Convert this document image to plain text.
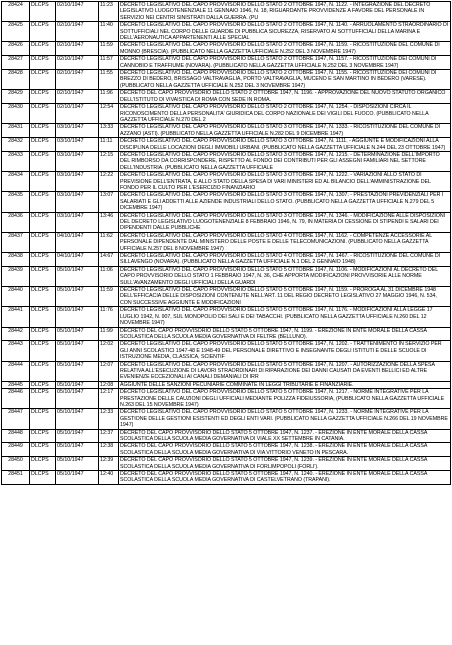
28424	DLCPS	02/10/1947	11:23	DECRETO LEGISLATIVO DEL CAPO PROVVISORIO DELLO STATO 2 OTTOBRE 1947, N. 1122. - INTEGRAZIONE DEL DECRETO LEGISLATIVO LUOGOTENENZIALE 11 GENNAIO 1946, N. 18, RIGUARDANTE PROVVIDENZE A FAVORE DEL PERSONALE IN SERVIZIO NEI CENTRI SINISTRATI DALLA GUERRA. (PU
28425	DLCPS	02/10/1947	11:40	DECRETO LEGISLATIVO DEL CAPO PROVVISORIO DELLO STATO 2 OTTOBRE 1947, N. 1140. - ARRUOLAMENTO STRAORDINARIO DI SOTTUFFICIALI NEL CORPO DELLE GUARDIE DI PUBBLICA SICUREZZA, RISERVATO AI SOTTUFFICIALI DELLA MARINA E DELL'AERONAUTICA APPARTENENTI ALLE SPECIAL
28426	DLCPS	02/10/1947	11:59	DECRETO LEGISLATIVO DEL CAPO PROVVISORIO DELLO STATO 2 OTTOBRE 1947, N. 1159. - RICOSTITUZIONE DEL COMUNE DI MONNO (BRESCIA). (PUBBLICATO NELLA GAZZETTA UFFICIALE N.252 DEL 3 NOVEMBRE 1947)
28427	DLCPS	02/10/1947	11:57	DECRETO LEGISLATIVO DEL CAPO PROVVISORIO DELLO STATO 2 OTTOBRE 1947, N. 1157. - RICOSTITUZIONE DEI COMUNI DI CANNOBIO E TRAFFIUME (NOVARA). (PUBBLICATO NELLA GAZZETTA UFFICIALE N.252 DEL 3 NOVEMBRE 1947)
28428	DLCPS	02/10/1947	11:55	DECRETO LEGISLATIVO DEL CAPO PROVVISORIO DELLO STATO 2 OTTOBRE 1947, N. 1155. - RICOSTITUZIONE DEI COMUNI DI BREZZO DI BEDERO, BRISSAGO VALTRAVAGLIA, PORTO VALTRAVAGLIA, MUCENO E SAN MARTINO IN BEDERO (VARESE). (PUBBLICATO NELLA GAZZETTA UFFICIALE N.252 DEL 3 NOVEMBRE 1947)
28429	DLCPS	02/10/1947	11:96	DECRETO DEL CAPO PROVVISORIO DELLO STATO 2 OTTOBRE 1947, N. 1196. - APPROVAZIONE DEL NUOVO STATUTO ORGANICO DELL'ISTITUTO DI VIVAISTICA DI ROMA CON SEDE IN ROMA.
28430	DLCPS	02/10/1947	12:54	DECRETO LEGISLATIVO DEL CAPO PROVVISORIO DELLO STATO 2 OTTOBRE 1947, N. 1254. - DISPOSIZIONI CIRCA IL RICONOSCIMENTO DELLA PERSONALITA' GIURIDICA DEL CORPO NAZIONALE DEI VIGILI DEL FUOCO. (PUBBLICATO NELLA GAZZETTA UFFICIALE N.270 DEL 2
28431	DLCPS	03/10/1947	13:33	DECRETO LEGISLATIVO DEL CAPO PROVVISORIO DELLO STATO 3 OTTOBRE 1947, N. 1333. - RICOSTITUZIONE DEL COMUNE DI AZZANO (ASTI). (PUBBLICATO NELLA GAZZETTA UFFICIALE N.282 DEL 9 DICEMBRE 1947)
28432	DLCPS	03/10/1947	11:11	DECRETO LEGISLATIVO DEL CAPO PROVVISORIO DELLO STATO 3 OTTOBRE 1947, N. 1111. - AGGIUNTE E MODIFICAZIONI ALLA DISCIPLINA DELLE LOCAZIONI DEGLI IMMOBILI URBANI. (PUBBLICATO NELLA GAZZETTA UFFICIALE N.244 DEL 23 OTTOBRE 1947)
28433	DLCPS	03/10/1947	12:15	DECRETO LEGISLATIVO DEL CAPO PROVVISORIO DELLO STATO 3 OTTOBRE 1947, N. 1215. - DETERMINAZIONE DELL'IMPORTO DEL RIMBORSO DA CORRISPONDERE, RISPETTO AL FONDO DEI CONTRIBUTI PER GLI ASSEGNI FAMILIARI NEL SETTORE DELL'INDUSTRIA. (PUBBLICATO NELLA GAZZETTA UFFICIALE
28434	DLCPS	03/10/1947	12:22	DECRETO LEGISLATIVO DEL CAPO PROVVISORIO DELLO STATO 3 OTTOBRE 1947, N. 1222. - VARIAZIONI ALLO STATO DI PREVISIONE DELL'ENTRATA, E ALLO STATO DELLA SPESA DI VARI MINISTERI ED AL BILANCIO DELL'AMMINISTRAZIONE DEL FONDO PER IL CULTO PER L'ESERCIZIO FINANZIARIO
28435	DLCPS	03/10/1947	13:07	DECRETO LEGISLATIVO DEL CAPO PROVVISORIO DELLO STATO 3 OTTOBRE 1947, N. 1307. - PRESTAZIONI PREVIDENZIALI PER I SALARIATI E GLI ADDETTI ALLE AZIENDE INDUSTRIALI DELLO STATO. (PUBBLICATO NELLA GAZZETTA UFFICIALE N.279 DEL 5 DICEMBRE 1947)
28436	DLCPS	03/10/1947	13:46	DECRETO LEGISLATIVO DEL CAPO PROVVISORIO DELLO STATO 3 OTTOBRE 1947, N. 1346. - MODIFICAZIONE ALLE DISPOSIZIONI DEL DECRETO LEGISLATIVO LUOGOTENENZIALE 8 FEBBRAIO 1946, N. 79, IN MATERIA DI CESSIONE DI STIPENDI E SALARI DEI DIPENDENTI DALLE PUBBLICHE
28437	DLCPS	04/10/1947	11:62	DECRETO LEGISLATIVO DEL CAPO PROVVISORIO DELLO STATO 4 OTTOBRE 1947, N. 1162. - COMPETENZE ACCESSORIE AL PERSONALE DIPENDENTE DAL MINISTERO DELLE POSTE E DELLE TELECOMUNICAZIONI. (PUBBLICATO NELLA GAZZETTA UFFICIALE N.257 DEL 8 NOVEMBRE 1947)
28438	DLCPS	04/10/1947	14:67	DECRETO LEGISLATIVO DEL CAPO PROVVISORIO DELLO STATO 4 OTTOBRE 1947, N. 1467. - RICOSTITUZIONE DEL COMUNE DI SILLAVENGO (NOVARA). (PUBBLICATO NELLA GAZZETTA UFFICIALE N.1 DEL 2 GENNAIO 1948)
28439	DLCPS	05/10/1947	11:06	DECRETO LEGISLATIVO DEL CAPO PROVVISORIO DELLO STATO 5 OTTOBRE 1947, N. 1106. - MODIFICAZIONI AL DECRETO DEL CAPO PROVVISORIO DELLO STATO 1 FEBBRAIO 1947, N. 36, CHE APPORTA MODIFICAZIONI PROVVISORIE ALLE NORME SULL'AVANZAMENTO DEGLI UFFICIALI DELLA GUARDI
28440	DLCPS	05/10/1947	11:59	DECRETO LEGISLATIVO DEL CAPO PROVVISORIO DELLO STATO 5 OTTOBRE 1947, N. 1159. - PROROGA AL 31 DICEMBRE 1948 DELL'EFFICACIA DELLE DISPOSIZIONI CONTENUTE NELL'ART. 11 DEL REGIO DECRETO LEGISLATIVO 27 MAGGIO 1946, N. 534, CON SUCCESSIVE AGGIUNTE E MODIFICAZIONI
28441	DLCPS	05/10/1947	11:76	DECRETO LEGISLATIVO DEL CAPO PROVVISORIO DELLO STATO 5 OTTOBRE 1947, N. 1176. - MODIFICAZIONI ALLA LEGGE 17 LUGLIO 1942, N. 907, SUL MONOPOLIO DEI SALI E DEI TABACCHI. (PUBBLICATO NELLA GAZZETTA UFFICIALE N.260 DEL 12 NOVEMBRE 1947)
28442	DLCPS	05/10/1947	11:99	DECRETO DEL CAPO PROVVISORIO DELLO STATO 5 OTTOBRE 1947, N. 1199. - EREZIONE IN ENTE MORALE DELLA CASSA SCOLASTICA DELLA SCUOLA MEDIA GOVERNATIVA DI FELTRE (BELLUNO).
28443	DLCPS	05/10/1947	12:02	DECRETO LEGISLATIVO DEL CAPO PROVVISORIO DELLO STATO 5 OTTOBRE 1947, N. 1202. - TRATTENIMENTO IN SERVIZIO PER GLI ANNI SCOLASTICI 1947-48 E 1948-49 DEL PERSONALE DIRETTIVO E INSEGNANTE DEGLI ISTITUTI E DELLE SCUOLE DI ISTRUZIONE MEDIA, CLASSICA, SCIENTIF
28444	DLCPS	05/10/1947	12:07	DECRETO LEGISLATIVO DEL CAPO PROVVISORIO DELLO STATO 5 OTTOBRE 1947, N. 1207. - AUTORIZZAZIONE DELLA SPESA RELATIVA ALL'ESECUZIONE DI LAVORI STRAORDINARI DI RIPARAZIONE DEI DANNI CAUSATI DA EVENTI BELLICI ED ALTRE EVENIENZE ECCEZIONALI AI CANALI DEMANIALI DI IRR
28445	DLCPS	05/10/1947	12:08	AGGIUNTE DELLE SANZIONI PECUNIARIE COMMINATE IN LEGGI TRIBUTARIE E FINANZIARIE.
28446	DLCPS	05/10/1947	12:17	DECRETO LEGISLATIVO DEL CAPO PROVVISORIO DELLO STATO 5 OTTOBRE 1947, N. 1217. - NORME INTEGRATIVE PER LA PRESTAZIONE DELLE CAUZIONI DEGLI UFFICIALI MEDIANTE POLIZZA FIDEIUSSORIA, (PUBBLICATO NELLA GAZZETTA UFFICIALE N.263 DEL 15 NOVEMBRE 1947)
28447	DLCPS	05/10/1947	12:33	DECRETO LEGISLATIVO DEL CAPO PROVVISORIO DELLO STATO 5 OTTOBRE 1947, N. 1233. - NORME INTEGRATIVE PER LA GESTIONE DELLE GESTIONI ESISTENTI ED DEGLI ENTI VARI. (PUBBLICATO NELLA GAZZETTA UFFICIALE N.266 DEL 19 NOVEMBRE 1947)
28448	DLCPS	05/10/1947	12:37	DECRETO DEL CAPO PROVVISORIO DELLO STATO 5 OTTOBRE 1947, N. 1237. - EREZIONE IN ENTE MORALE DELLA CASSA SCOLASTICA DELLA SCUOLA MEDIA GOVERNATIVA DI VIALE XX SETTEMBRE IN CATANIA.
28449	DLCPS	05/10/1947	12:38	DECRETO DEL CAPO PROVVISORIO DELLO STATO 5 OTTOBRE 1947, N. 1238. - EREZIONE IN ENTE MORALE DELLA CASSA SCOLASTICA DELLA SCUOLA MEDIA GOVERNATIVA DI VIA VITTORIO VENETO IN PESCARA.
28450	DLCPS	05/10/1947	12:39	DECRETO DEL CAPO PROVVISORIO DELLO STATO 5 OTTOBRE 1947, N. 1239. - EREZIONE IN ENTE MORALE DELLA CASSA SCOLASTICA DELLA SCUOLA MEDIA GOVERNATIVA DI FORLIMPOPOLI (FORLI').
28451	DLCPS	05/10/1947	12:40	DECRETO DEL CAPO PROVVISORIO DELLO STATO 5 OTTOBRE 1947, N. 1240. - EREZIONE IN ENTE MORALE DELLA CASSA SCOLASTICA DELLA SCUOLA MEDIA GOVERNATIVA DI CASTELVETRANO (TRAPANI).
